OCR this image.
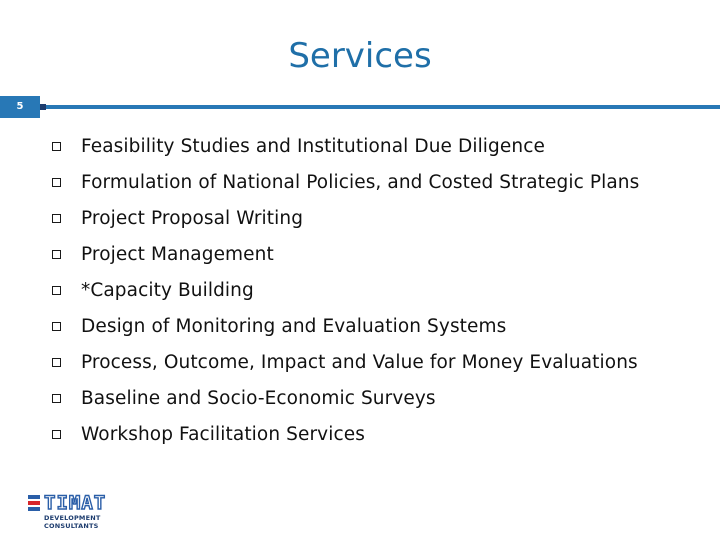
Services
5
Feasibility Studies and Institutional Due Diligence
Formulation of National Policies, and Costed Strategic Plans
Project Proposal Writing
Project Management
*Capacity Building
Design of Monitoring and Evaluation Systems
Process, Outcome, Impact and Value for Money Evaluations
Baseline and Socio-Economic Surveys
Workshop Facilitation Services
TIMAT
DEVELOPMENT
CONSULTANTS
